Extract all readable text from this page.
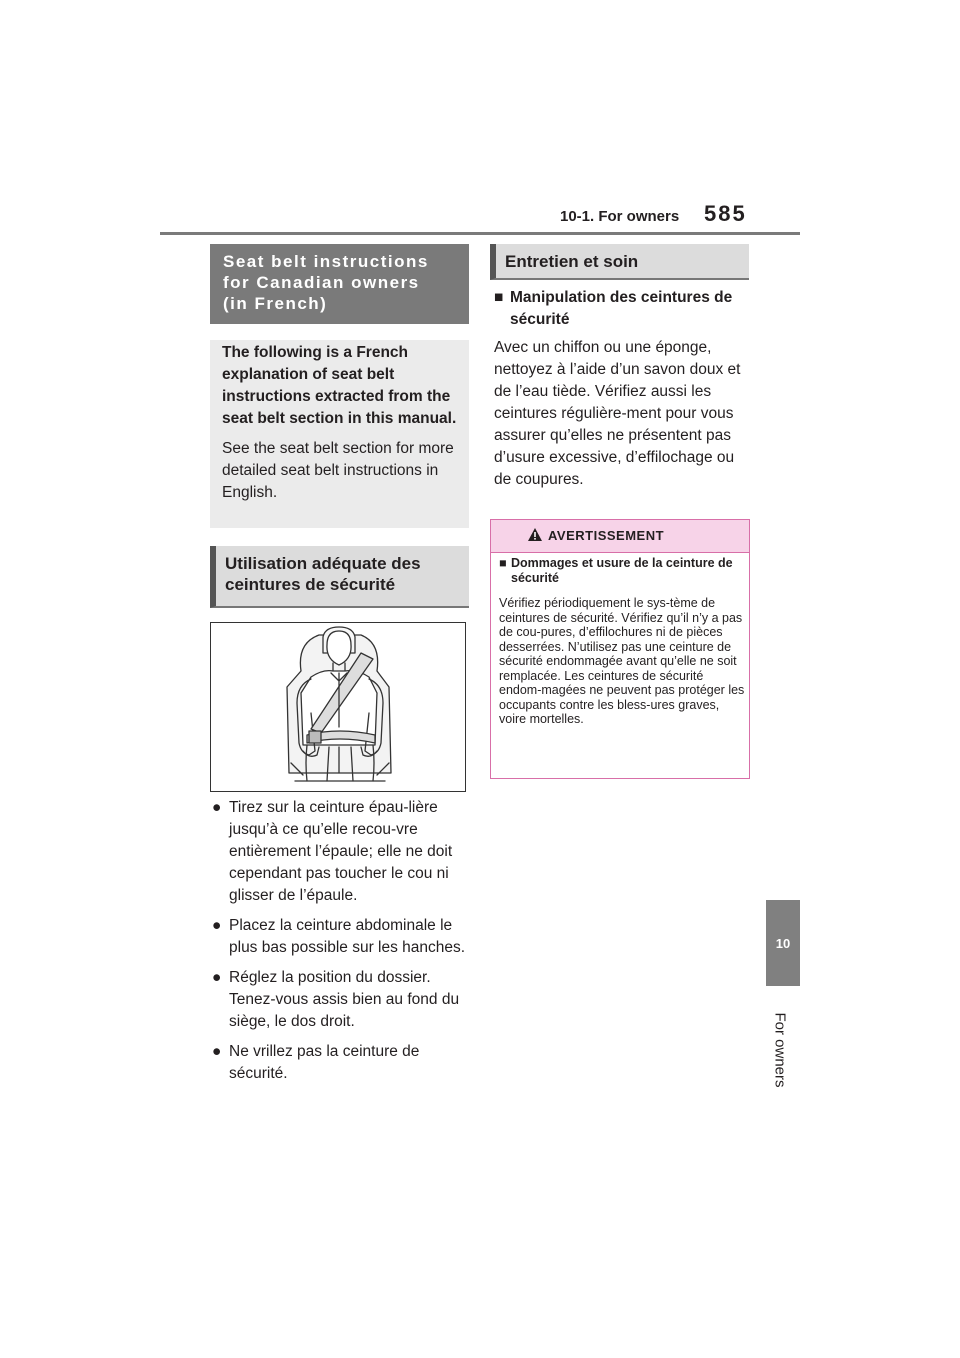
10-1. For owners 585
10
For owners
Seat belt instructions
for Canadian owners
(in French)

The following is a French explanation of seat belt instructions extracted from the seat belt section in this manual.

See the seat belt section for more detailed seat belt instructions in English.

Utilisation adéquate des
ceintures de sécurité
● Tirez sur la ceinture épau-lière jusqu’à ce qu’elle recou-vre entièrement l’épaule; elle ne doit cependant pas toucher le cou ni glisser de l’épaule.
● Placez la ceinture abdominale le plus bas possible sur les hanches.
● Réglez la position du dossier. Tenez-vous assis bien au fond du siège, le dos droit.
● Ne vrillez pas la ceinture de sécurité.
Entretien et soin
■ Manipulation des ceintures de sécurité
Avec un chiffon ou une éponge, nettoyez à l’aide d’un savon doux et de l’eau tiède. Vérifiez aussi les ceintures régulière-ment pour vous assurer qu’elles ne présentent pas d’usure excessive, d’effilochage ou de coupures.
AVERTISSEMENT
■ Dommages et usure de la ceinture de sécurité
Vérifiez périodiquement le sys-tème de ceintures de sécurité. Vérifiez qu’il n’y a pas de cou-pures, d’effilochures ni de pièces desserrées. N’utilisez pas une ceinture de sécurité endommagée avant qu’elle ne soit remplacée. Les ceintures de sécurité endom-magées ne peuvent pas protéger les occupants contre les bless-ures graves, voire mortelles.
